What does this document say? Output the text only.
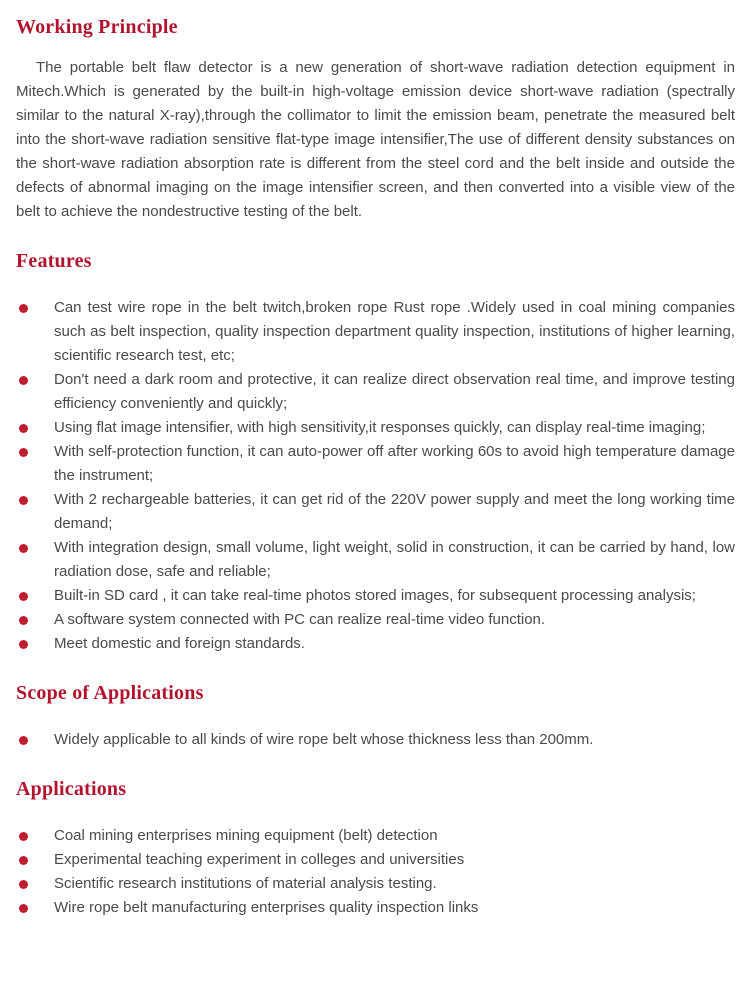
Working Principle

The portable belt flaw detector is a new generation of short-wave radiation detection equipment in Mitech.Which is generated by the built-in high-voltage emission device short-wave radiation (spectrally similar to the natural X-ray),through the collimator to limit the emission beam, penetrate the measured belt into the short-wave radiation sensitive flat-type image intensifier,The use of different density substances on the short-wave radiation absorption rate is different from the steel cord and the belt inside and outside the defects of abnormal imaging on the image intensifier screen, and then converted into a visible view of the belt to achieve the nondestructive testing of the belt.

Features
Can test wire rope in the belt twitch,broken rope Rust rope .Widely used in coal mining companies such as belt inspection, quality inspection department quality inspection, institutions of higher learning, scientific research test, etc;
Don't need a dark room and protective, it can realize direct observation real time, and improve testing efficiency conveniently and quickly;
Using flat image intensifier, with high sensitivity,it responses quickly, can display real-time imaging;
With self-protection function, it can auto-power off after working 60s to avoid high temperature damage the instrument;
With 2 rechargeable batteries, it can get rid of the 220V power supply and meet the long working time demand;
With integration design, small volume, light weight, solid in construction, it can be carried by hand, low radiation dose, safe and reliable;
Built-in SD card , it can take real-time photos stored images, for subsequent processing analysis;
A software system connected with PC can realize real-time video function.
Meet domestic and foreign standards.
Scope of Applications
Widely applicable to all kinds of wire rope belt whose thickness less than 200mm.
Applications
Coal mining enterprises mining equipment (belt) detection
Experimental teaching experiment in colleges and universities
Scientific research institutions of material analysis testing.
Wire rope belt manufacturing enterprises quality inspection links
